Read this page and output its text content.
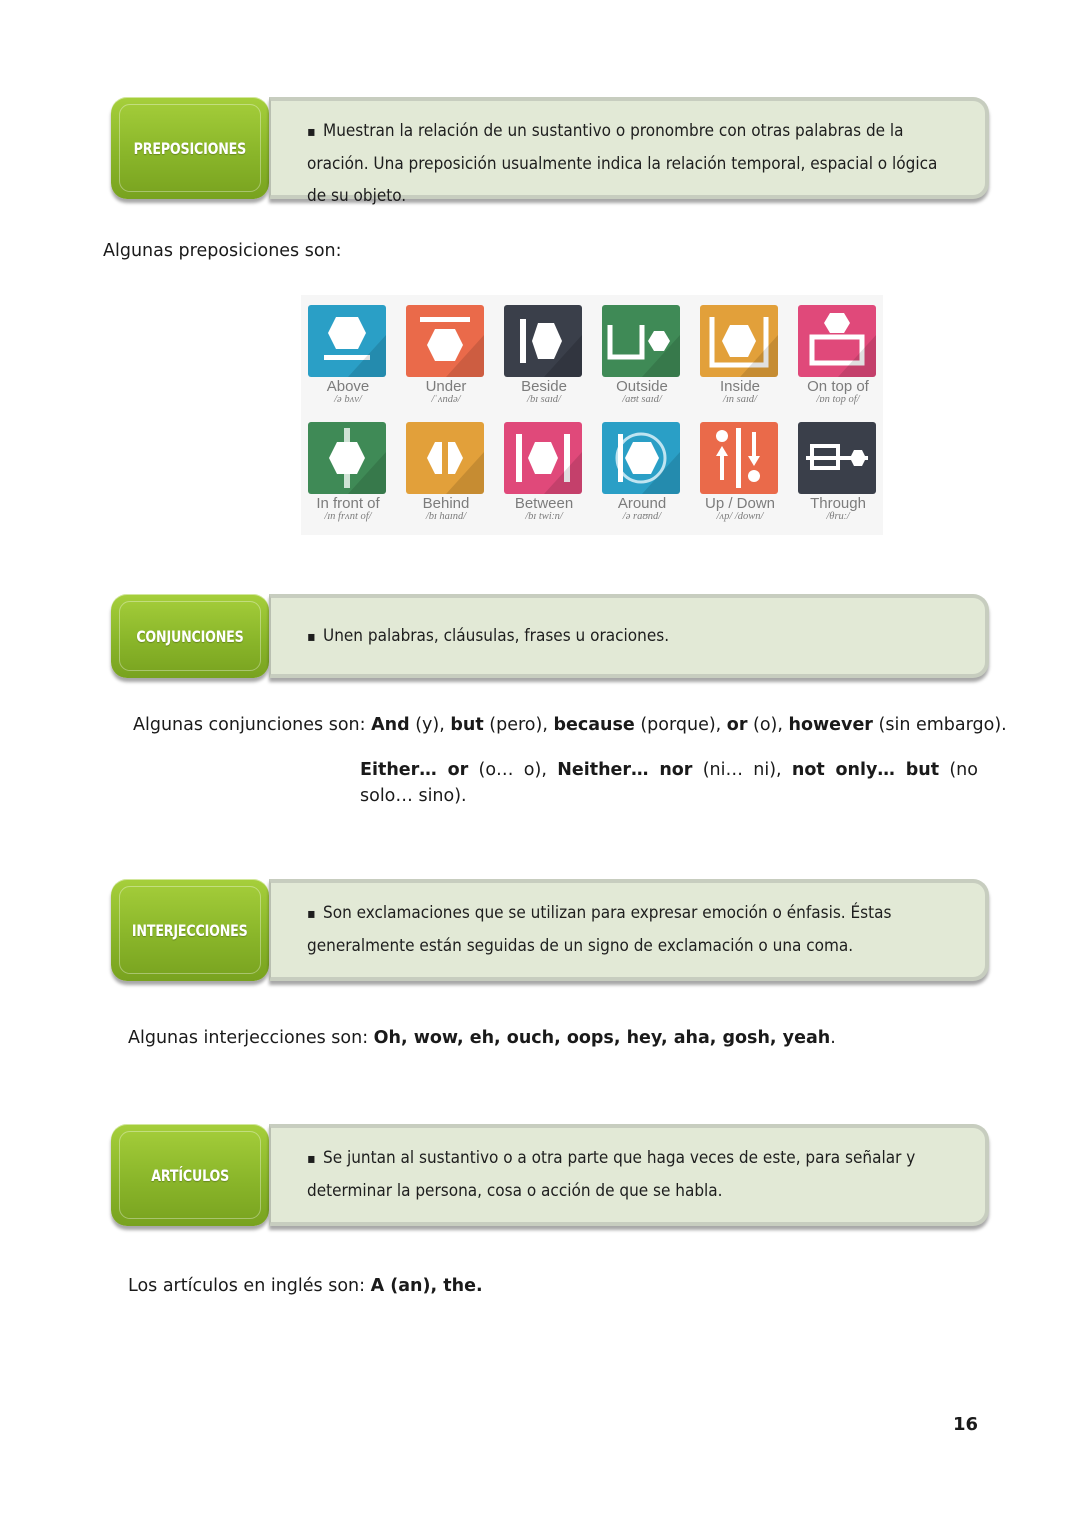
PREPOSICIONES
▪ Muestran la relación de un sustantivo o pronombre con otras palabras de la oración. Una preposición usualmente indica la relación temporal, espacial o lógica de su objeto.
Algunas preposiciones son:
Above
/ə bʌv/
Under
/ˈʌndə/
Beside
/bɪ saɪd/
Outside
/aʊt saɪd/
Inside
/ɪn saɪd/
On top of
/ɒn top of/
In front of
/ɪn frʌnt of/
Behind
/bɪ haɪnd/
Between
/bɪ twiːn/
Around
/ə raʊnd/
Up / Down
/ʌp/ /down/
Through
/θruː/
CONJUNCIONES	▪ Unen palabras, cláusulas, frases u oraciones.
Algunas conjunciones son: And (y), but (pero), because (porque), or (o), however (sin embargo).
Either… or (o… o), Neither… nor (ni… ni), not only… but (no solo… sino).
INTERJECCIONES
▪ Son exclamaciones que se utilizan para expresar emoción o énfasis. Éstas generalmente están seguidas de un signo de exclamación o una coma.
Algunas interjecciones son: Oh, wow, eh, ouch, oops, hey, aha, gosh, yeah.
ARTÍCULOS
▪ Se juntan al sustantivo o a otra parte que haga veces de este, para señalar y determinar la persona, cosa o acción de que se habla.
Los artículos en inglés son: A (an), the.
16
